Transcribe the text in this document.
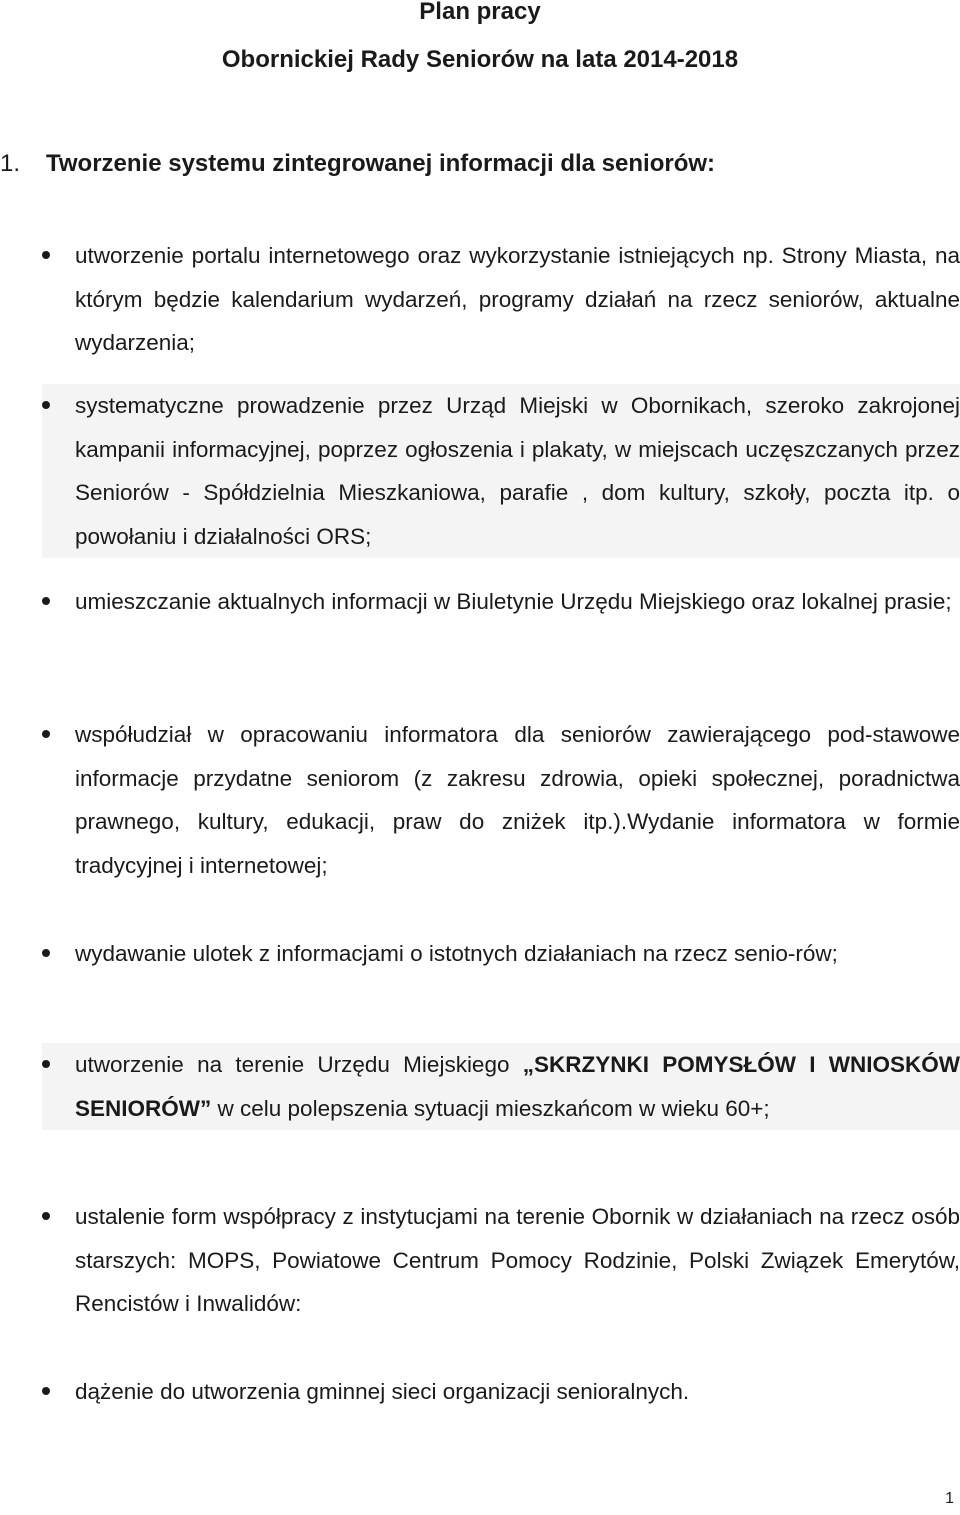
Plan pracy
Obornickiej Rady Seniorów na lata 2014-2018
1. Tworzenie systemu zintegrowanej informacji dla seniorów:
utworzenie portalu internetowego oraz wykorzystanie istniejących np. Strony Miasta, na którym będzie kalendarium wydarzeń, programy działań na rzecz seniorów, aktualne wydarzenia;
systematyczne prowadzenie przez Urząd Miejski w Obornikach, szeroko zakrojonej kampanii informacyjnej, poprzez ogłoszenia i plakaty, w miejscach uczęszczanych przez Seniorów - Spółdzielnia Mieszkaniowa, parafie , dom kultury, szkoły, poczta itp. o powołaniu i działalności ORS;
umieszczanie aktualnych informacji w Biuletynie Urzędu Miejskiego oraz lokalnej prasie;
współudział w opracowaniu informatora dla seniorów zawierającego pod-stawowe informacje przydatne seniorom (z zakresu zdrowia, opieki społecznej, poradnictwa prawnego, kultury, edukacji, praw do zniżek itp.).Wydanie informatora w formie tradycyjnej i internetowej;
wydawanie ulotek z informacjami o istotnych działaniach na rzecz senio-rów;
utworzenie na terenie Urzędu Miejskiego „SKRZYNKI POMYSŁÓW I WNIOSKÓW SENIORÓW” w celu polepszenia sytuacji mieszkańcom w wieku 60+;
ustalenie form współpracy z instytucjami na terenie Obornik w działaniach na rzecz osób starszych: MOPS, Powiatowe Centrum Pomocy Rodzinie, Polski Związek Emerytów, Rencistów i Inwalidów:
dążenie do utworzenia gminnej sieci organizacji senioralnych.
1
